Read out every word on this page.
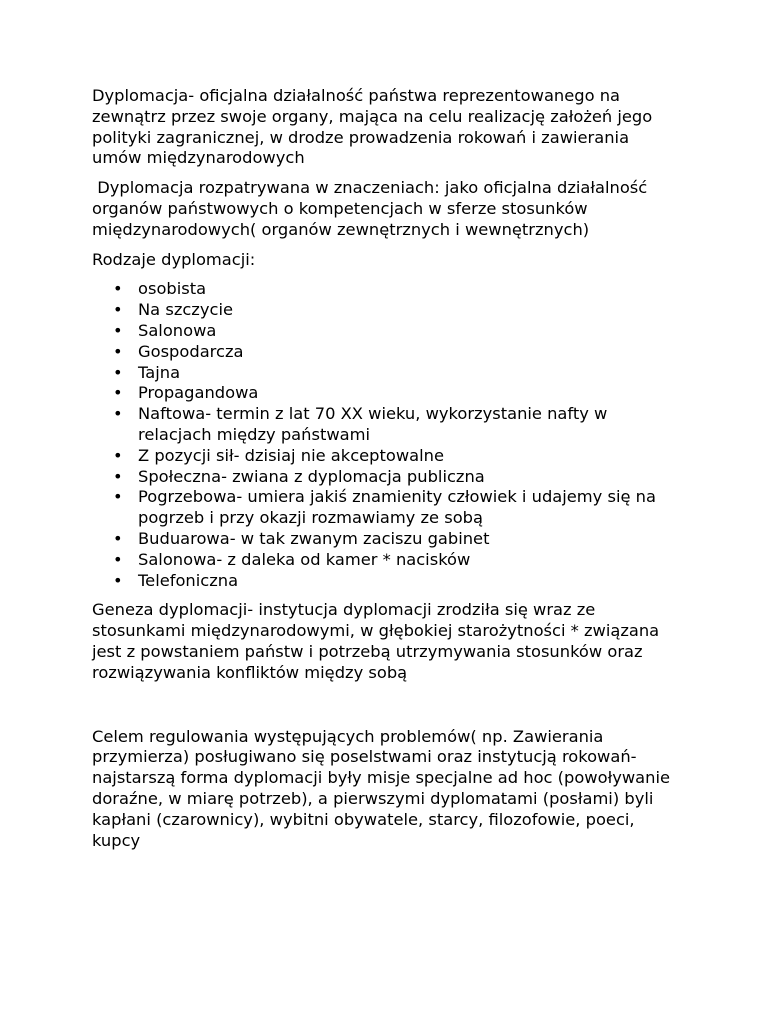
Dyplomacja- oficjalna działalność państwa reprezentowanego na zewnątrz przez swoje organy, mająca na celu realizację założeń jego polityki zagranicznej, w drodze prowadzenia rokowań i zawierania umów międzynarodowych

Dyplomacja rozpatrywana w znaczeniach: jako oficjalna działalność organów państwowych o kompetencjach w sferze stosunków międzynarodowych( organów zewnętrznych i wewnętrznych)

Rodzaje dyplomacji:

• osobista
• Na szczycie
• Salonowa
• Gospodarcza
• Tajna
• Propagandowa
• Naftowa- termin z lat 70 XX wieku, wykorzystanie nafty w relacjach między państwami
• Z pozycji sił- dzisiaj nie akceptowalne
• Społeczna- zwiana z dyplomacja publiczna
• Pogrzebowa- umiera jakiś znamienity człowiek i udajemy się na pogrzeb i przy okazji rozmawiamy ze sobą
• Buduarowa- w tak zwanym zaciszu gabinet
• Salonowa- z daleka od kamer * nacisków
• Telefoniczna

Geneza dyplomacji- instytucja dyplomacji zrodziła się wraz ze stosunkami międzynarodowymi, w głębokiej starożytności * związana jest z powstaniem państw i potrzebą utrzymywania stosunków oraz rozwiązywania konfliktów między sobą

Celem regulowania występujących problemów( np. Zawierania przymierza) posługiwano się poselstwami oraz instytucją rokowań- najstarszą forma dyplomacji były misje specjalne ad hoc (powoływanie doraźne, w miarę potrzeb), a pierwszymi dyplomatami (posłami) byli kapłani (czarownicy), wybitni obywatele, starcy, filozofowie, poeci, kupcy
